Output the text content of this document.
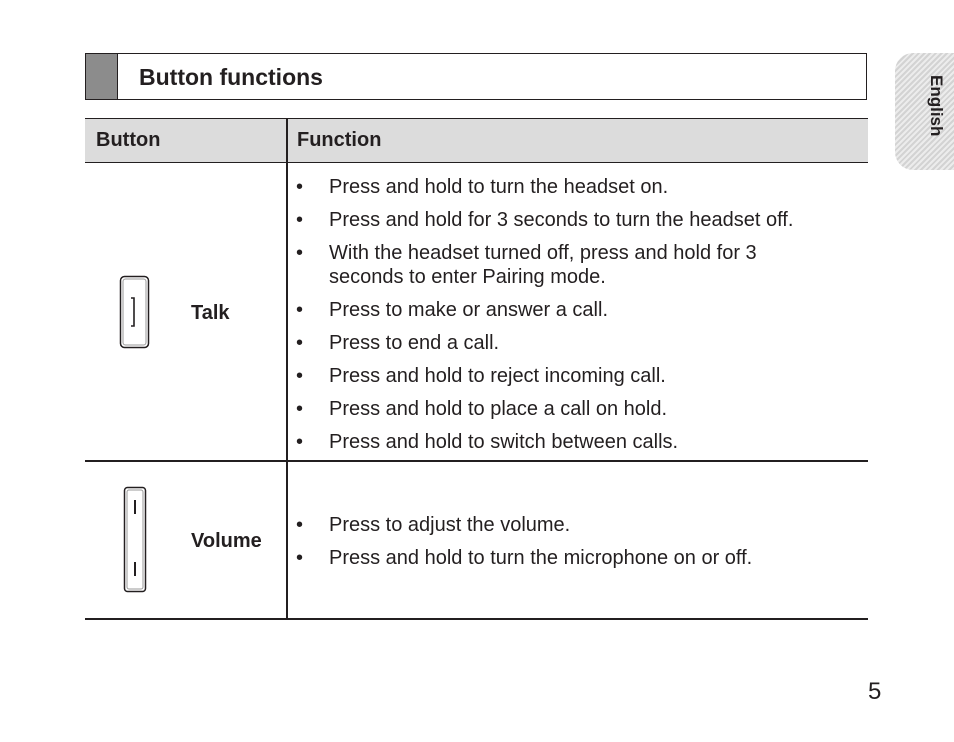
Button functions	English
Button	Function
Talk
• Press and hold to turn the headset on.
• Press and hold for 3 seconds to turn the headset off.
• With the headset turned off, press and hold for 3 seconds to enter Pairing mode.
• Press to make or answer a call.
• Press to end a call.
• Press and hold to reject incoming call.
• Press and hold to place a call on hold.
• Press and hold to switch between calls.
Volume
• Press to adjust the volume.
• Press and hold to turn the microphone on or off.
5
